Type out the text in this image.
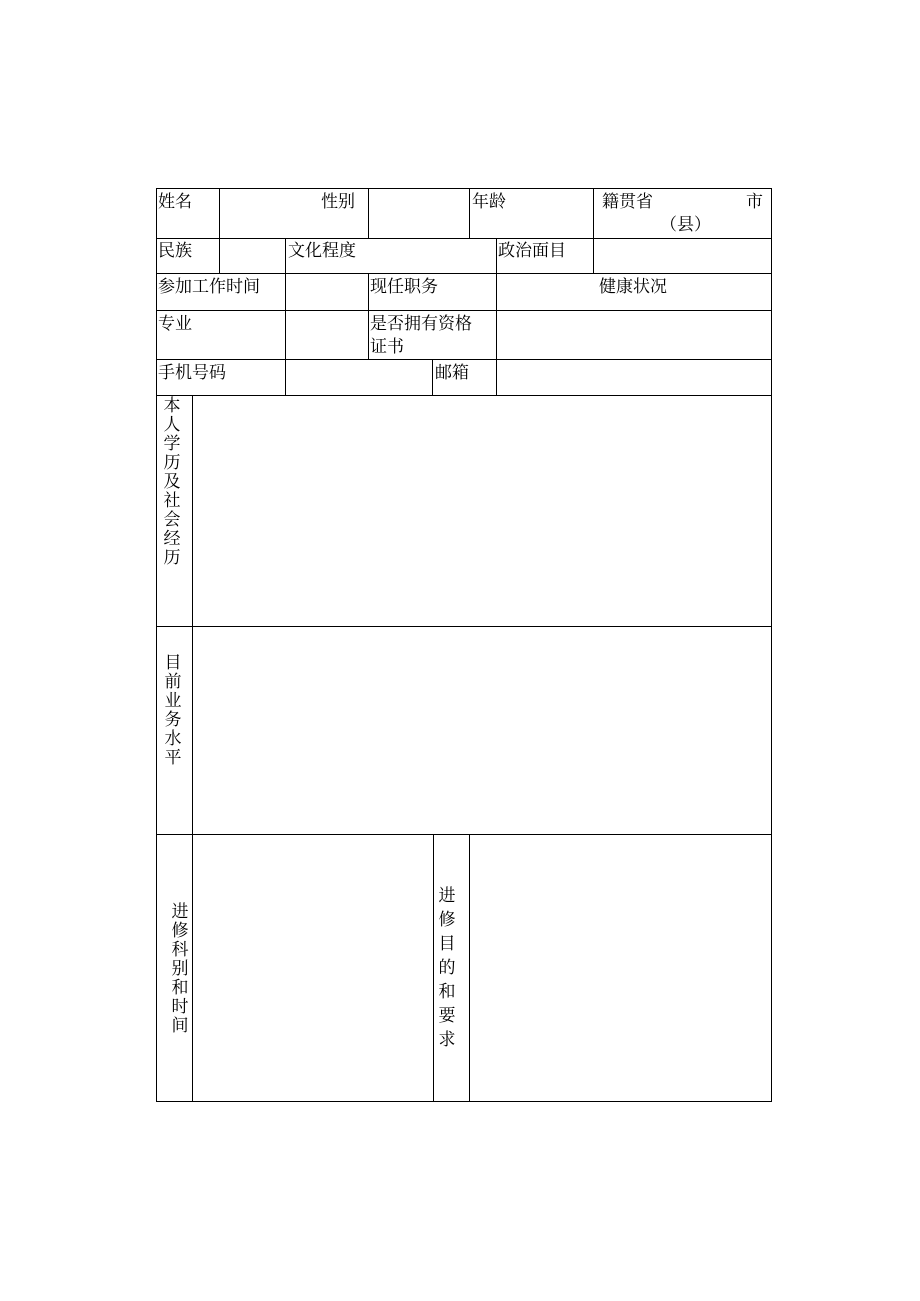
姓名	性别	年龄	籍贯省	市
（县）
民族	文化程度	政治面目
参加工作时间	现任职务	健康状况
专业	是否拥有资格
证书
手机号码	邮箱
本人学历及社会经历
目前业务水平
进修科别和时间
进修目的和要求
